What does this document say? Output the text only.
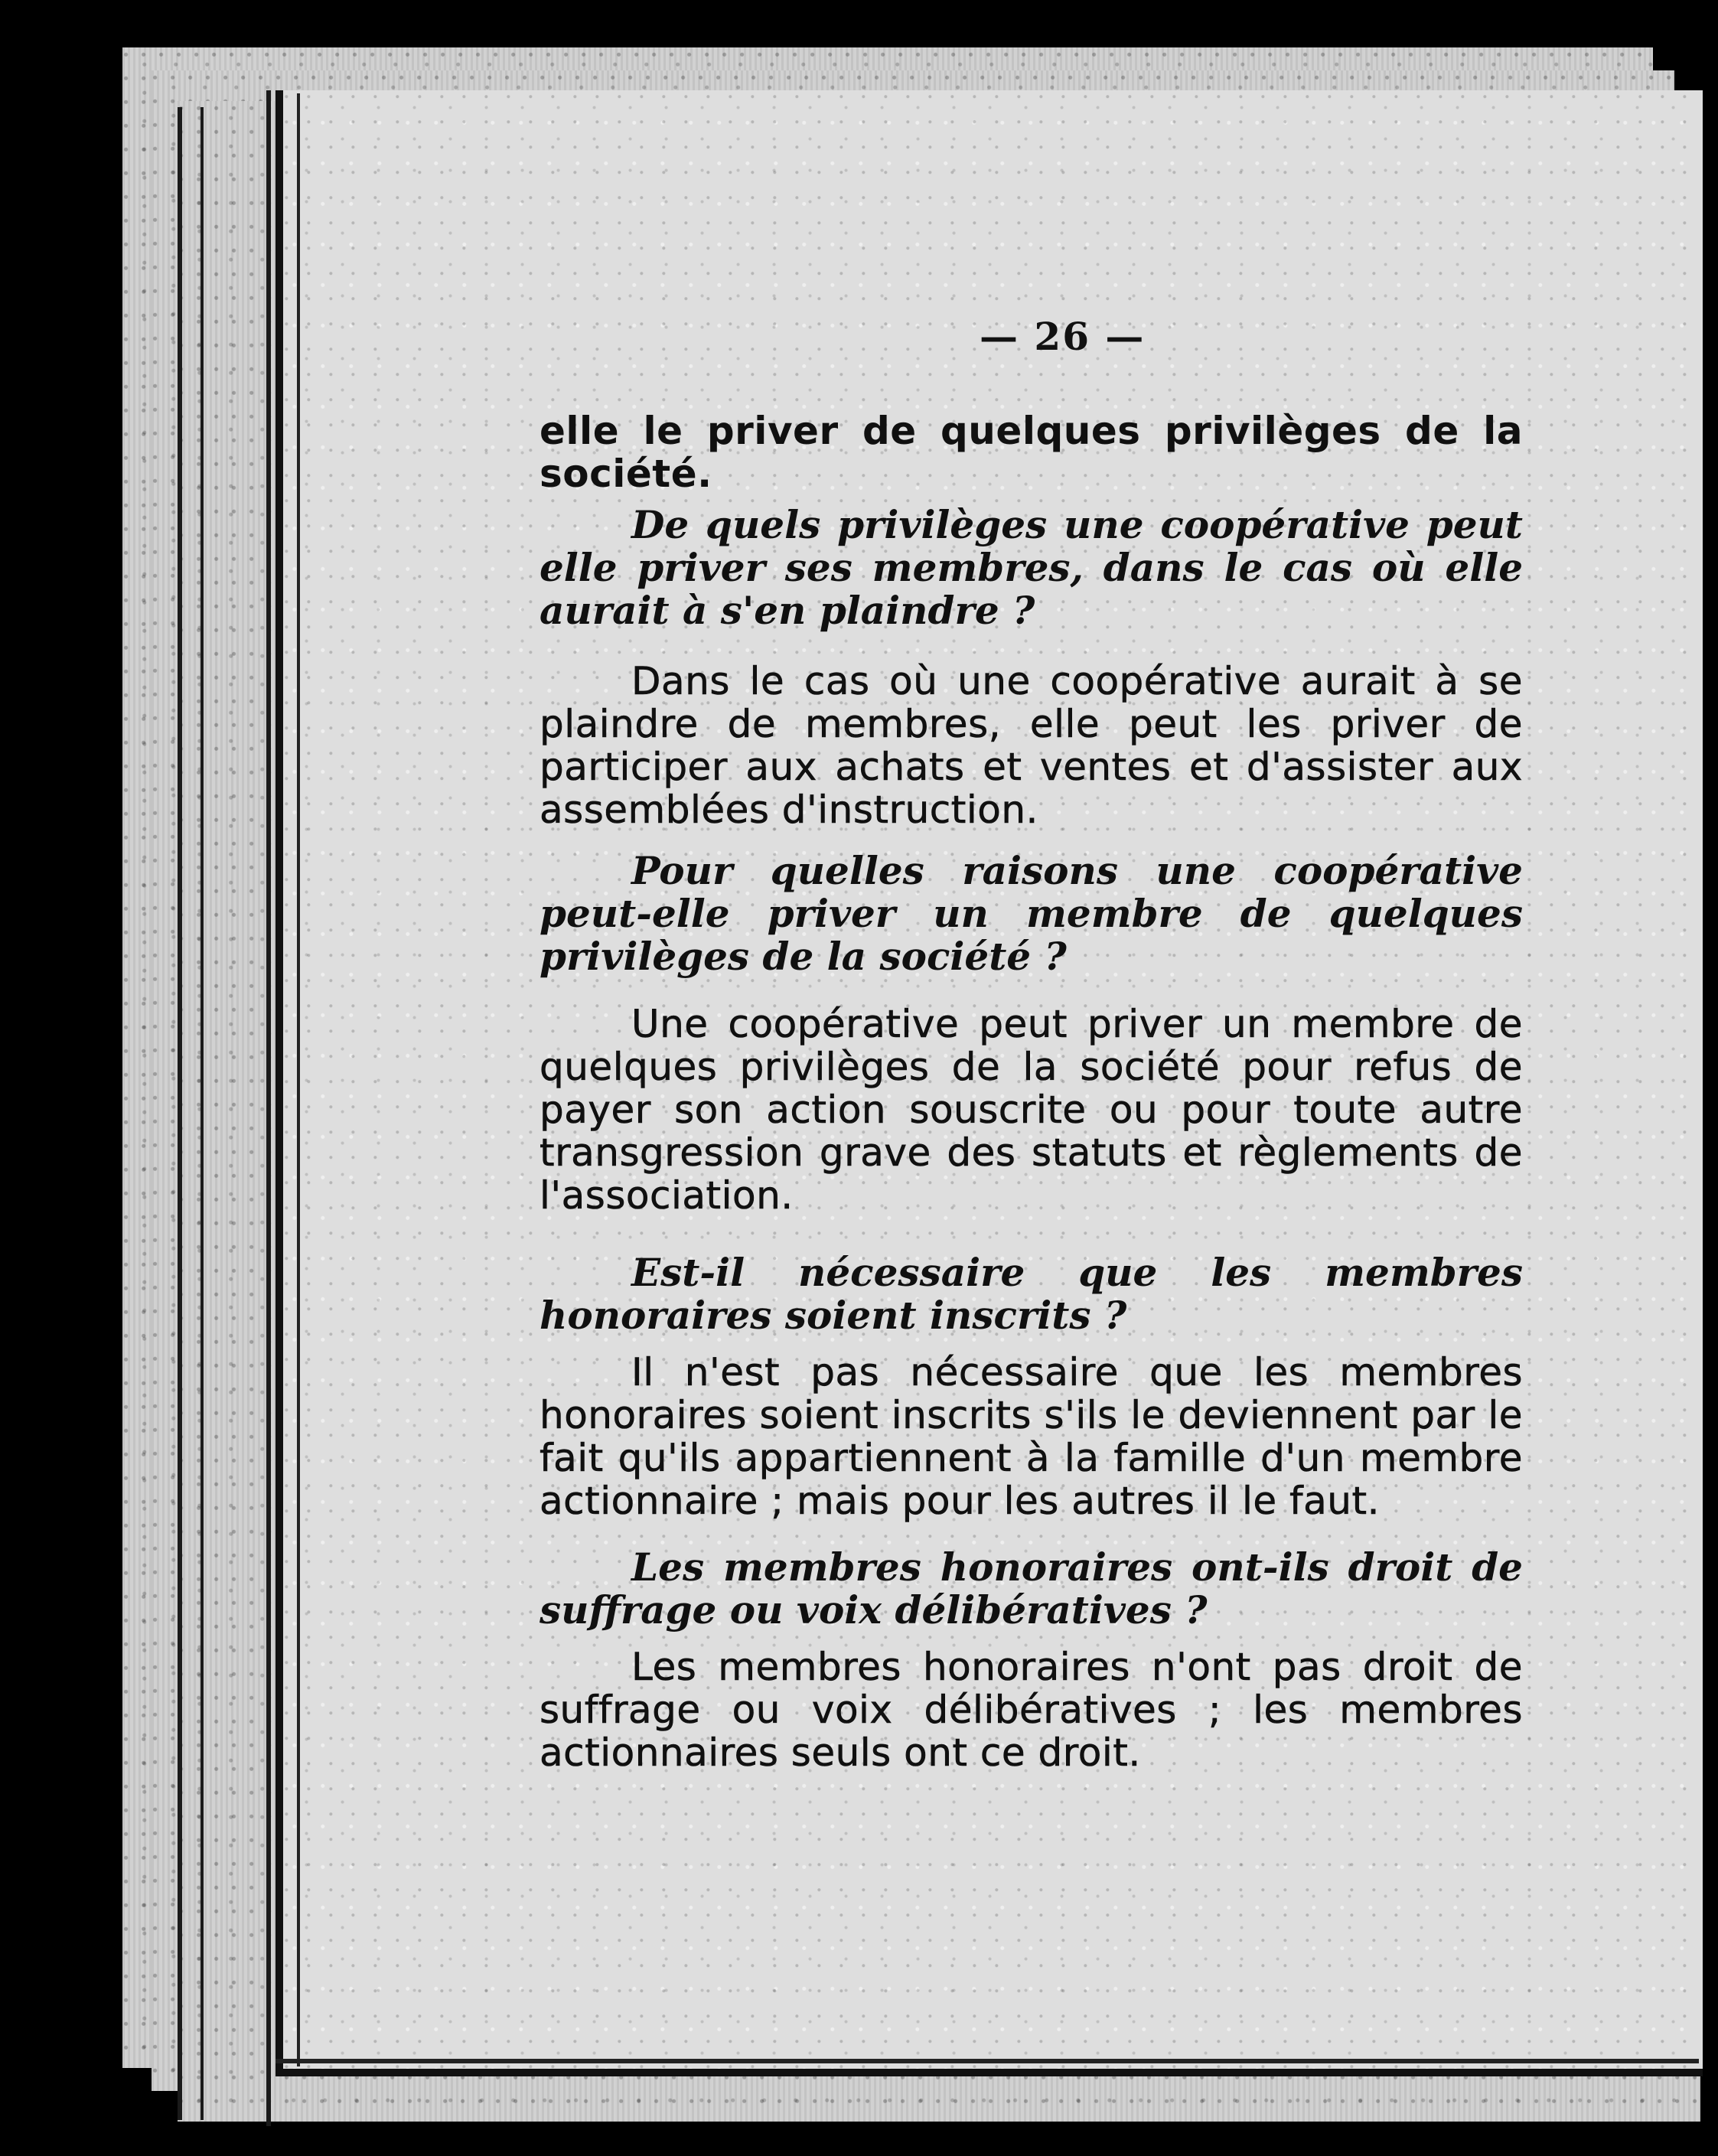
— 26 —
elle le priver de quelques privilèges de la société.
De quels privilèges une coopérative peut elle priver ses membres, dans le cas où elle aurait à s'en plaindre ?
Dans le cas où une coopérative aurait à se plaindre de membres, elle peut les priver de participer aux achats et ventes et d'assister aux assemblées d'instruction.
Pour quelles raisons une coopérative peut-elle priver un membre de quelques privilèges de la société ?
Une coopérative peut priver un membre de quelques privilèges de la société pour refus de payer son action souscrite ou pour toute autre transgression grave des statuts et règlements de l'association.
Est-il nécessaire que les membres honoraires soient inscrits ?
Il n'est pas nécessaire que les membres honoraires soient inscrits s'ils le deviennent par le fait qu'ils appartiennent à la famille d'un membre actionnaire ; mais pour les autres il le faut.
Les membres honoraires ont-ils droit de suffrage ou voix délibératives ?
Les membres honoraires n'ont pas droit de suffrage ou voix délibératives ; les membres actionnaires seuls ont ce droit.
